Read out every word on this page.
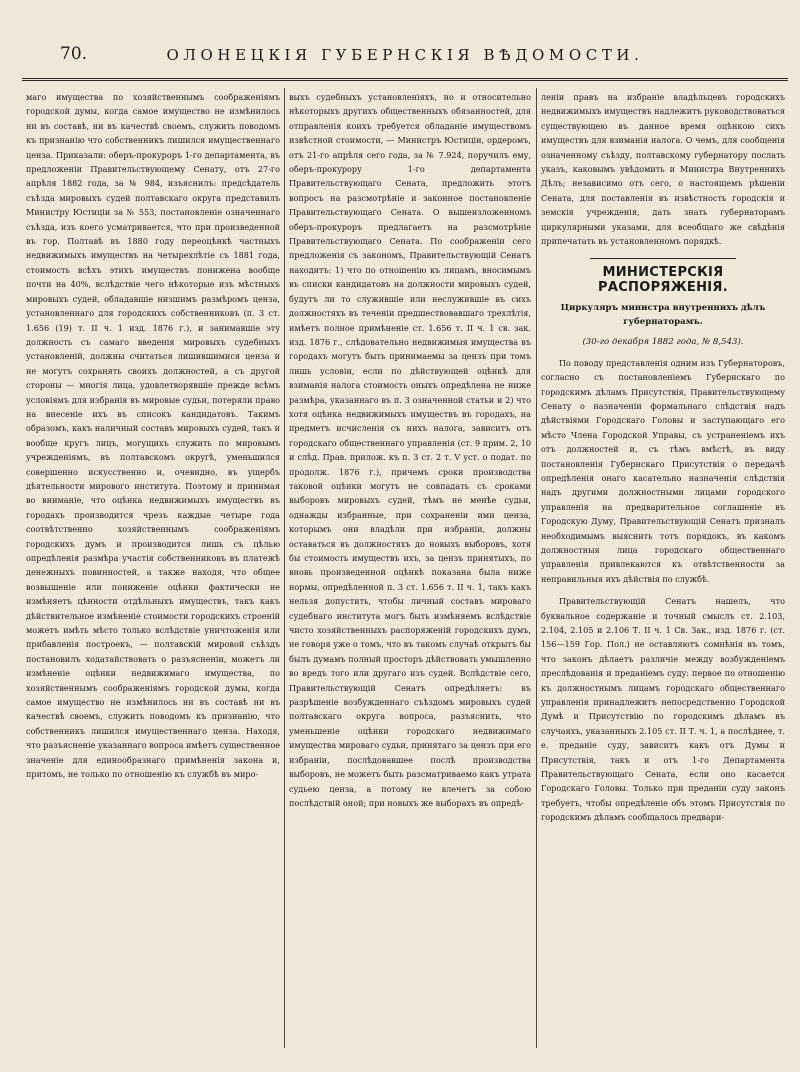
70.	ОЛОНЕЦКІЯ ГУБЕРНСКІЯ ВѢДОМОСТИ.

маго имущества по хозяйственнымъ соображеніямъ городской думы, когда самое имущество не измѣнилось ни въ составѣ, ни въ качествѣ своемъ, служить поводомъ къ признанію что собственникъ лишился имущественнаго ценза. Приказали: оберъ-прокуроръ 1-го департамента, въ предложеніи Правительствующему Сенату, отъ 27-го апрѣля 1882 года, за № 984, изъяснилъ: предсѣдатель съѣзда мировыхъ судей полтавскаго округа представилъ Министру Юстиціи за № 553, постановленіе означеннаго съѣзда, изъ коего усматривается, что при произведенной въ гор. Полтавѣ въ 1880 году переоцѣнкѣ частныхъ недвижимыхъ имуществъ на четырехлѣтіе съ 1881 года, стоимость всѣхъ этихъ имуществъ понижена вообще почти на 40%, вслѣдствіе чего нѣкоторые изъ мѣстныхъ мировыхъ судей, обладавшіе низшимъ размѣромъ ценза, установленнаго для городскихъ собственниковъ (п. 3 ст. 1.656 (19) т. II ч. 1 изд. 1876 г.), и занимавшіе эту должность съ самаго введенія мировыхъ судебныхъ установленій, должны считаться лишившимися ценза и не могутъ сохранять своихъ должностей, а съ другой стороны — многія лица, удовлетворявшіе прежде всѣмъ условіямъ для избранія въ мировые судьи, потеряли право на внесеніе ихъ въ списокъ кандидатовъ. Такимъ образомъ, какъ наличный составъ мировыхъ судей, такъ и вообще кругъ лицъ, могущихъ служить по мировымъ учрежденіямъ, въ полтавскомъ округѣ, уменьшился совершенно искусственно и, очевидно, въ ущербъ дѣятельности мирового института. Поэтому и принимая во вниманіе, что оцѣнка недвижимыхъ имуществъ въ городахъ производится чрезъ каждые четыре года соотвѣтственно хозяйственнымъ соображеніямъ городскихъ думъ и производится лишь съ цѣлью опредѣленія размѣра участія собственниковъ въ платежѣ денежныхъ повинностей, а также находя, что общее возвышеніе или пониженіе оцѣнки фактически не измѣняетъ цѣнности отдѣльныхъ имуществъ, такъ какъ дѣйствительное измѣненіе стоимости городскихъ строеній можетъ имѣть мѣсто только вслѣдствіе уничтоженія или прибавленія построекъ, — полтавскій мировой съѣздъ постановилъ ходатайствовать о разъясненіи, можетъ ли измѣненіе оцѣнки недвижимаго имущества, по хозяйственнымъ соображеніямъ городской думы, когда самое имущество не измѣнилось ни въ составѣ ни въ качествѣ своемъ, служить поводомъ къ признанію, что собственникъ лишился имущественнаго ценза. Находя, что разъясненіе указаннаго вопроса имѣетъ существенное значеніе для единообразнаго примѣненія закона и, притомъ, не только по отношенію къ службѣ въ миро-

выхъ судебныхъ установленіяхъ, но и относительно нѣкоторыхъ другихъ общественныхъ обязанностей, для отправленія коихъ требуется обладаніе имуществомъ извѣстной стоимости, — Министръ Юстиціи, ордеромъ, отъ 21-го апрѣля сего года, за № 7.924, поручилъ ему, оберъ-прокурору 1-го департамента Правительствующаго Сената, предложить этотъ вопросъ на разсмотрѣніе и законное постановленіе Правительствующаго Сената. О вышеизложенномъ оберъ-прокуроръ предлагаетъ на разсмотрѣніе Правительствующаго Сената. По соображеніи сего предложенія съ закономъ, Правительствующій Сенатъ находитъ: 1) что по отношенію къ лицамъ, вносимымъ въ списки кандидатовъ на должности мировыхъ судей, будутъ ли то служившіе или неслужившіе въ сихъ должностяхъ въ теченіи предшествовавшаго трехлѣтія, имѣетъ полное примѣненіе ст. 1.656 т. II ч. 1 св. зак. изд. 1876 г., слѣдовательно недвижимыя имущества въ городахъ могутъ быть принимаемы за цензъ при томъ лишь условіи, если по дѣйствующей оцѣнкѣ для взиманія налога стоимость оныхъ опредѣлена не ниже размѣра, указаннаго въ п. 3 означенной статьи и 2) что хотя оцѣнка недвижимыхъ имуществъ въ городахъ, на предметъ исчисленія съ нихъ налога, зависитъ отъ городскаго общественнаго управленія (ст. 9 прим. 2, 10 и слѣд. Прав. прилож. къ п. 3 ст. 2 т. V уст. о подат. по продолж. 1876 г.), причемъ сроки производства таковой оцѣнки могутъ не совпадать съ сроками выборовъ мировыхъ судей, тѣмъ не менѣе судьи, однажды избранные, при сохраненіи ими ценза, которымъ они владѣли при избраніи, должны оставаться въ должностяхъ до новыхъ выборовъ, хотя бы стоимость имуществъ ихъ, за цензъ принятыхъ, по вновь произведенной оцѣнкѣ показана была ниже нормы, опредѣленной п. 3 ст. 1.656 т. II ч. 1, такъ какъ нельзя допустить, чтобы личный составъ мироваго судебнаго института могъ быть измѣняемъ вслѣдствіе чисто хозяйственныхъ распоряженій городскихъ думъ, не говоря уже о томъ, что въ такомъ случаѣ открытъ бы былъ думамъ полный просторъ дѣйствовать умышленно во вредъ того или другаго изъ судей. Вслѣдствіе сего, Правительствующій Сенатъ опредѣляетъ: въ разрѣшеніе возбужденнаго съѣздомъ мировыхъ судей полтавскаго округа вопроса, разъяснить, что уменьшеніе оцѣнки городскаго недвижимаго имущества мироваго судьи, принятаго за цензъ при его избраніи, послѣдовавшее послѣ производства выборовъ, не можетъ быть разсматриваемо какъ утрата судьею ценза, а потому не влечетъ за собою послѣдствій оной; при новыхъ же выборахъ въ опредѣ-

леніи правъ на избраніе владѣльцевъ городскихъ недвижимыхъ имуществъ надлежитъ руководствоваться существующею въ данное время оцѣнкою сихъ имуществъ для взиманія налога. О чемъ, для сообщенія означенному съѣзду, полтавскому губернатору послать указъ, каковымъ увѣдомить и Министра Внутреннихъ Дѣлъ; независимо отъ сего, о настоящемъ рѣшеніи Сената, для поставленія въ извѣстность городскія и земскія учрежденія, дать знать губернаторамъ циркулярными указами, для всеобщаго же свѣдѣнія припечатать въ установленномъ порядкѣ.

МИНИСТЕРСКІЯ РАСПОРЯЖЕНІЯ.
Циркуляръ министра внутреннихъ дѣлъ губернаторамъ.
(30-го декабря 1882 года, № 8,543).

По поводу представленія одним изъ Губернаторовъ, согласно съ постановленіемъ Губернскаго по городскимъ дѣламъ Присутствія, Правительствующему Сенату о назначеніи формальнаго слѣдствія надъ дѣйствіями Городскаго Головы и заступающаго его мѣсто Члена Городской Управы, съ устраненіемъ ихъ отъ должностей и, съ тѣмъ вмѣстѣ, въ виду постановленія Губернскаго Присутствія о передачѣ опредѣленія онаго касательно назначенія слѣдствія надъ другими должностными лицами городского управленія на предварительное соглашеніе въ Городскую Думу, Правительствующій Сенатъ призналъ необходимымъ выяснить тотъ порядокъ, въ какомъ должностныя лица городскаго общественнаго управленія привлекаются къ отвѣтственности за неправильныя ихъ дѣйствія по службѣ.

Правительствующій Сенатъ нашелъ, что буквальное содержаніе и точный смыслъ ст. 2.103, 2.104, 2.105 и 2.106 Т. II ч. 1 Св. Зак., изд. 1876 г. (ст. 156—159 Гор. Пол.) не оставляютъ сомнѣнія въ томъ, что законъ дѣлаетъ различіе между возбужденіемъ преслѣдованія и преданіемъ суду: первое по отношенію къ должностнымъ лицамъ городскаго общественнаго управленія принадлежитъ непосредственно Городской Думѣ и Присутствію по городскимъ дѣламъ въ случаяхъ, указанныхъ 2.105 ст. II Т. ч. 1, а послѣднее, т. е. преданіе суду, зависитъ какъ отъ Думы и Присутствія, такъ и отъ 1-го Департамента Правительствующаго Сената, если оно касается Городскаго Головы. Только при преданіи суду законъ требуетъ, чтобы опредѣленіе объ этомъ Присутствія по городскимъ дѣламъ сообщалось предвари-
